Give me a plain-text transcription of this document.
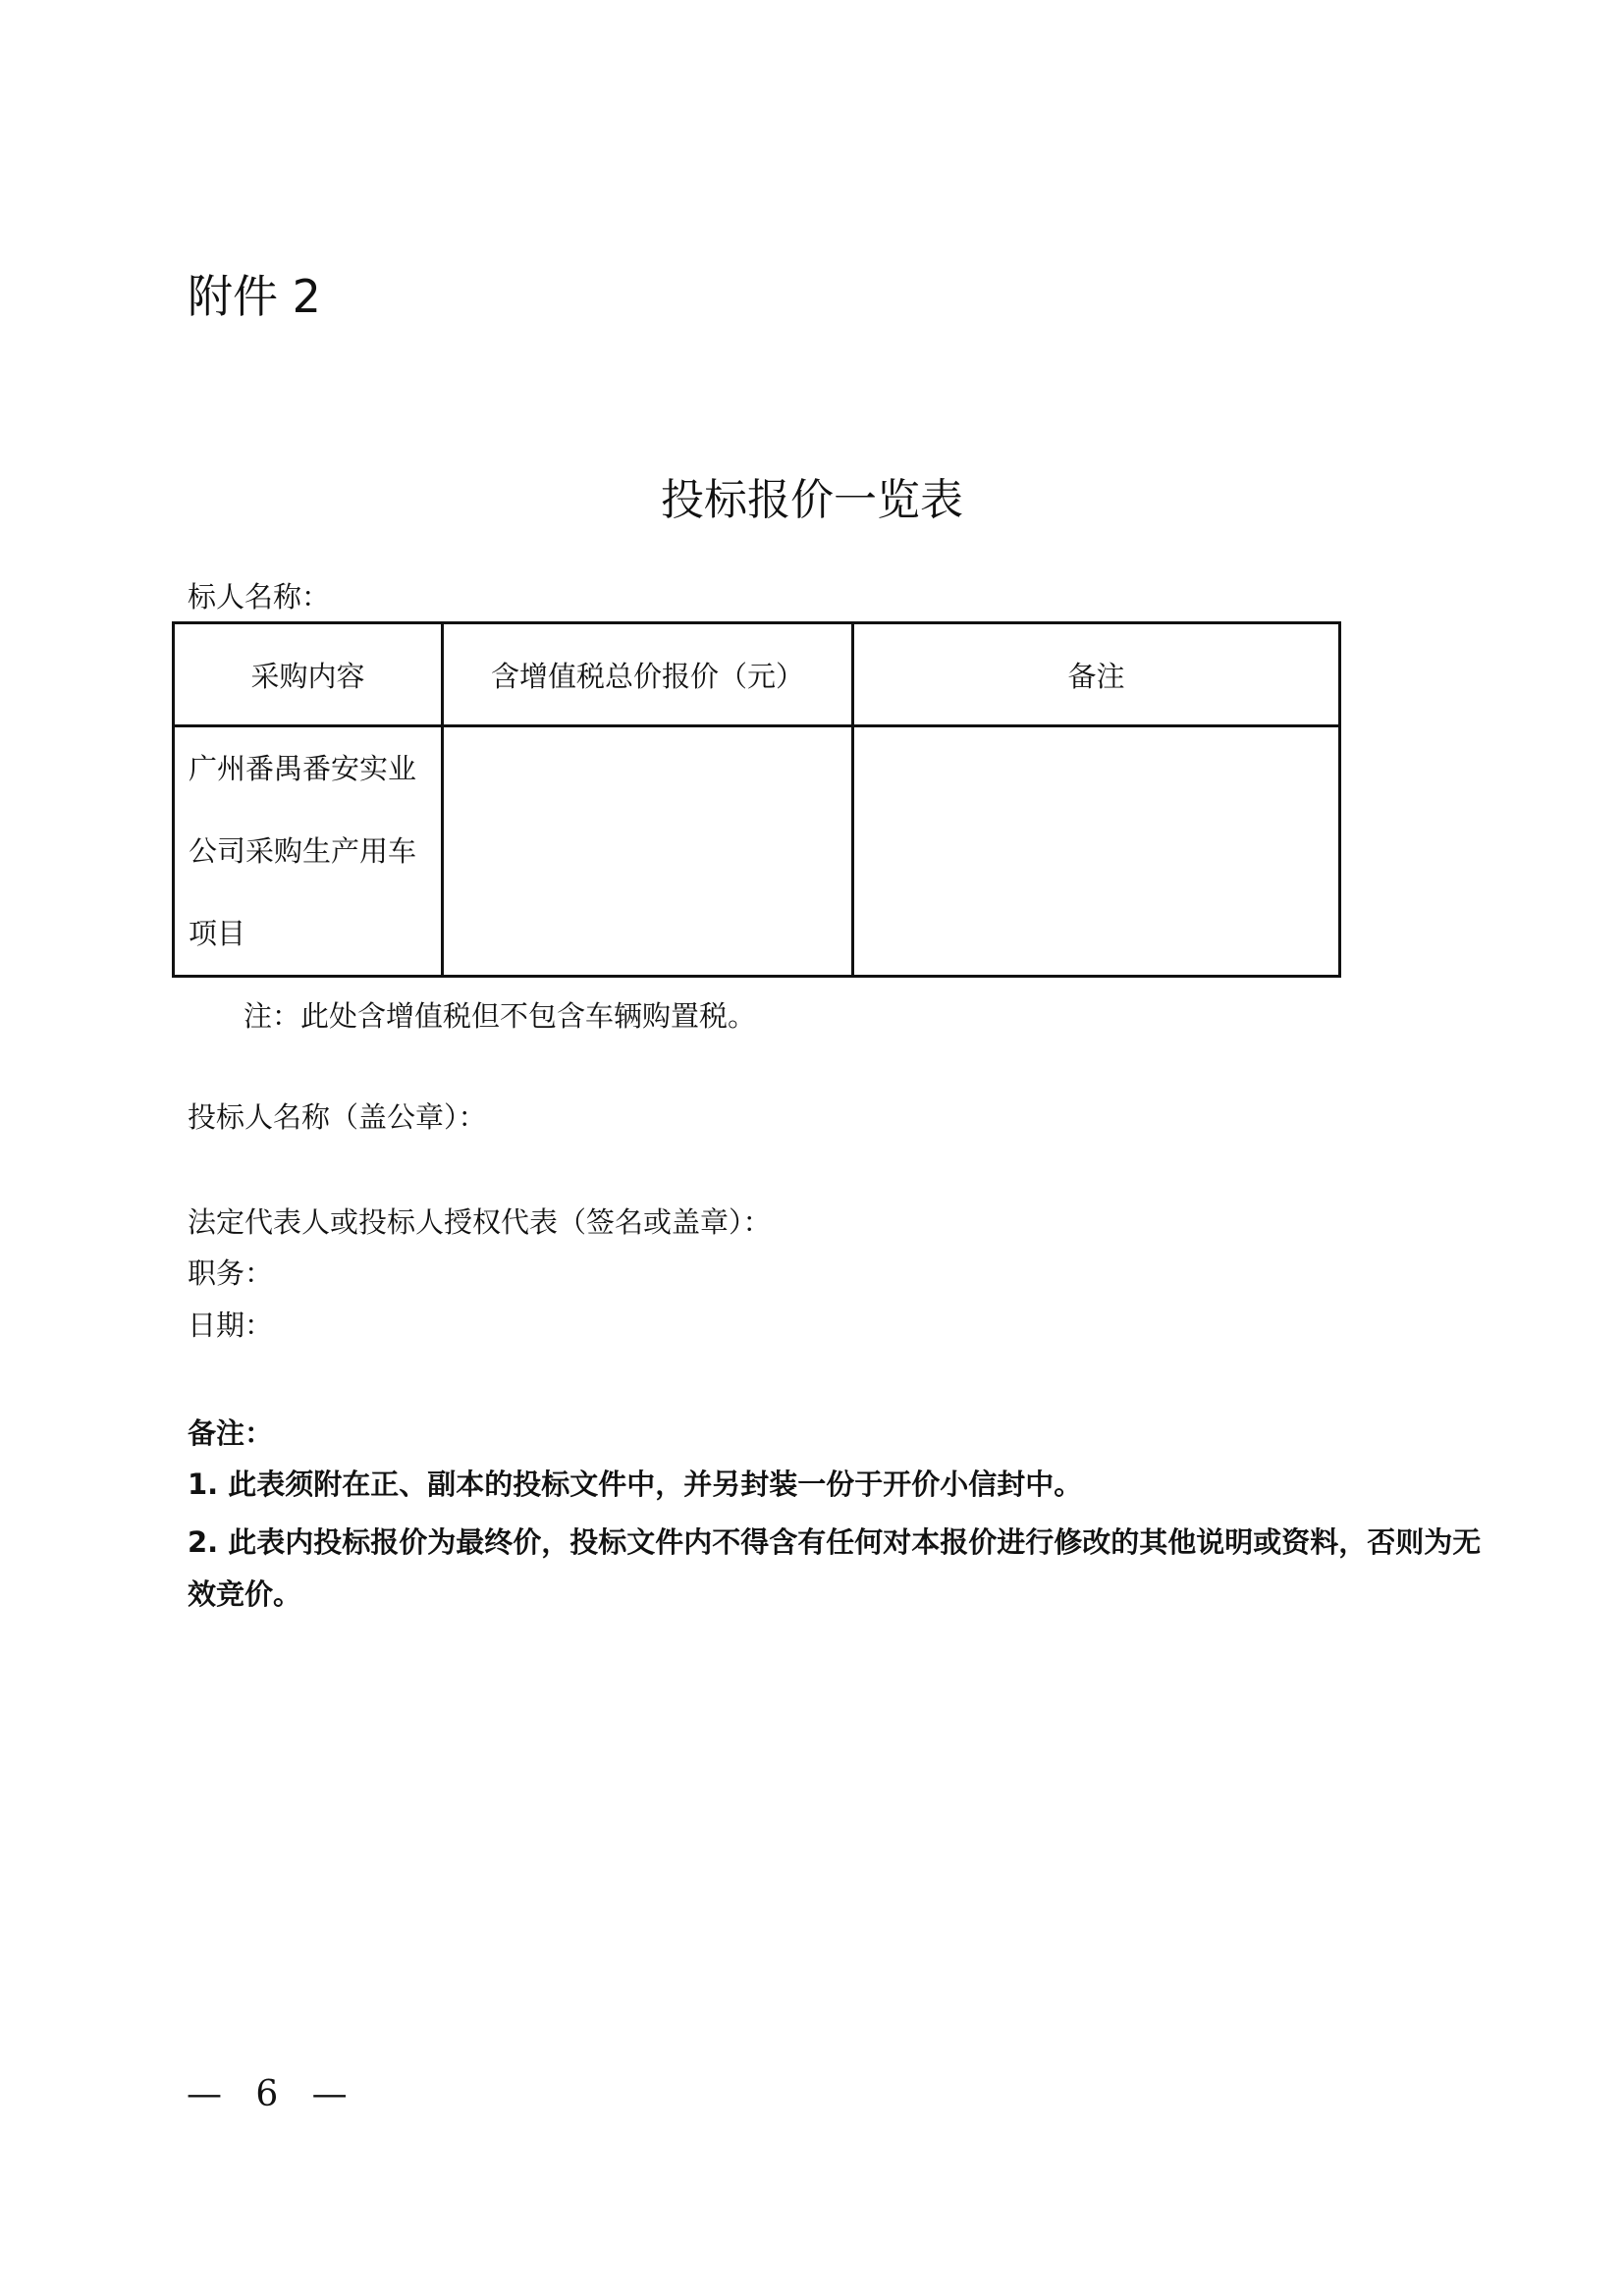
附件 2
投标报价一览表
标人名称：
采购内容	含增值税总价报价（元）	备注
广州番禺番安实业公司采购生产用车项目		
注：此处含增值税但不包含车辆购置税。
投标人名称（盖公章）：
法定代表人或投标人授权代表（签名或盖章）：
职务：
日期：
备注：
1. 此表须附在正、副本的投标文件中，并另封装一份于开价小信封中。
2. 此表内投标报价为最终价，投标文件内不得含有任何对本报价进行修改的其他说明或资料，否则为无效竞价。
—   6   —
